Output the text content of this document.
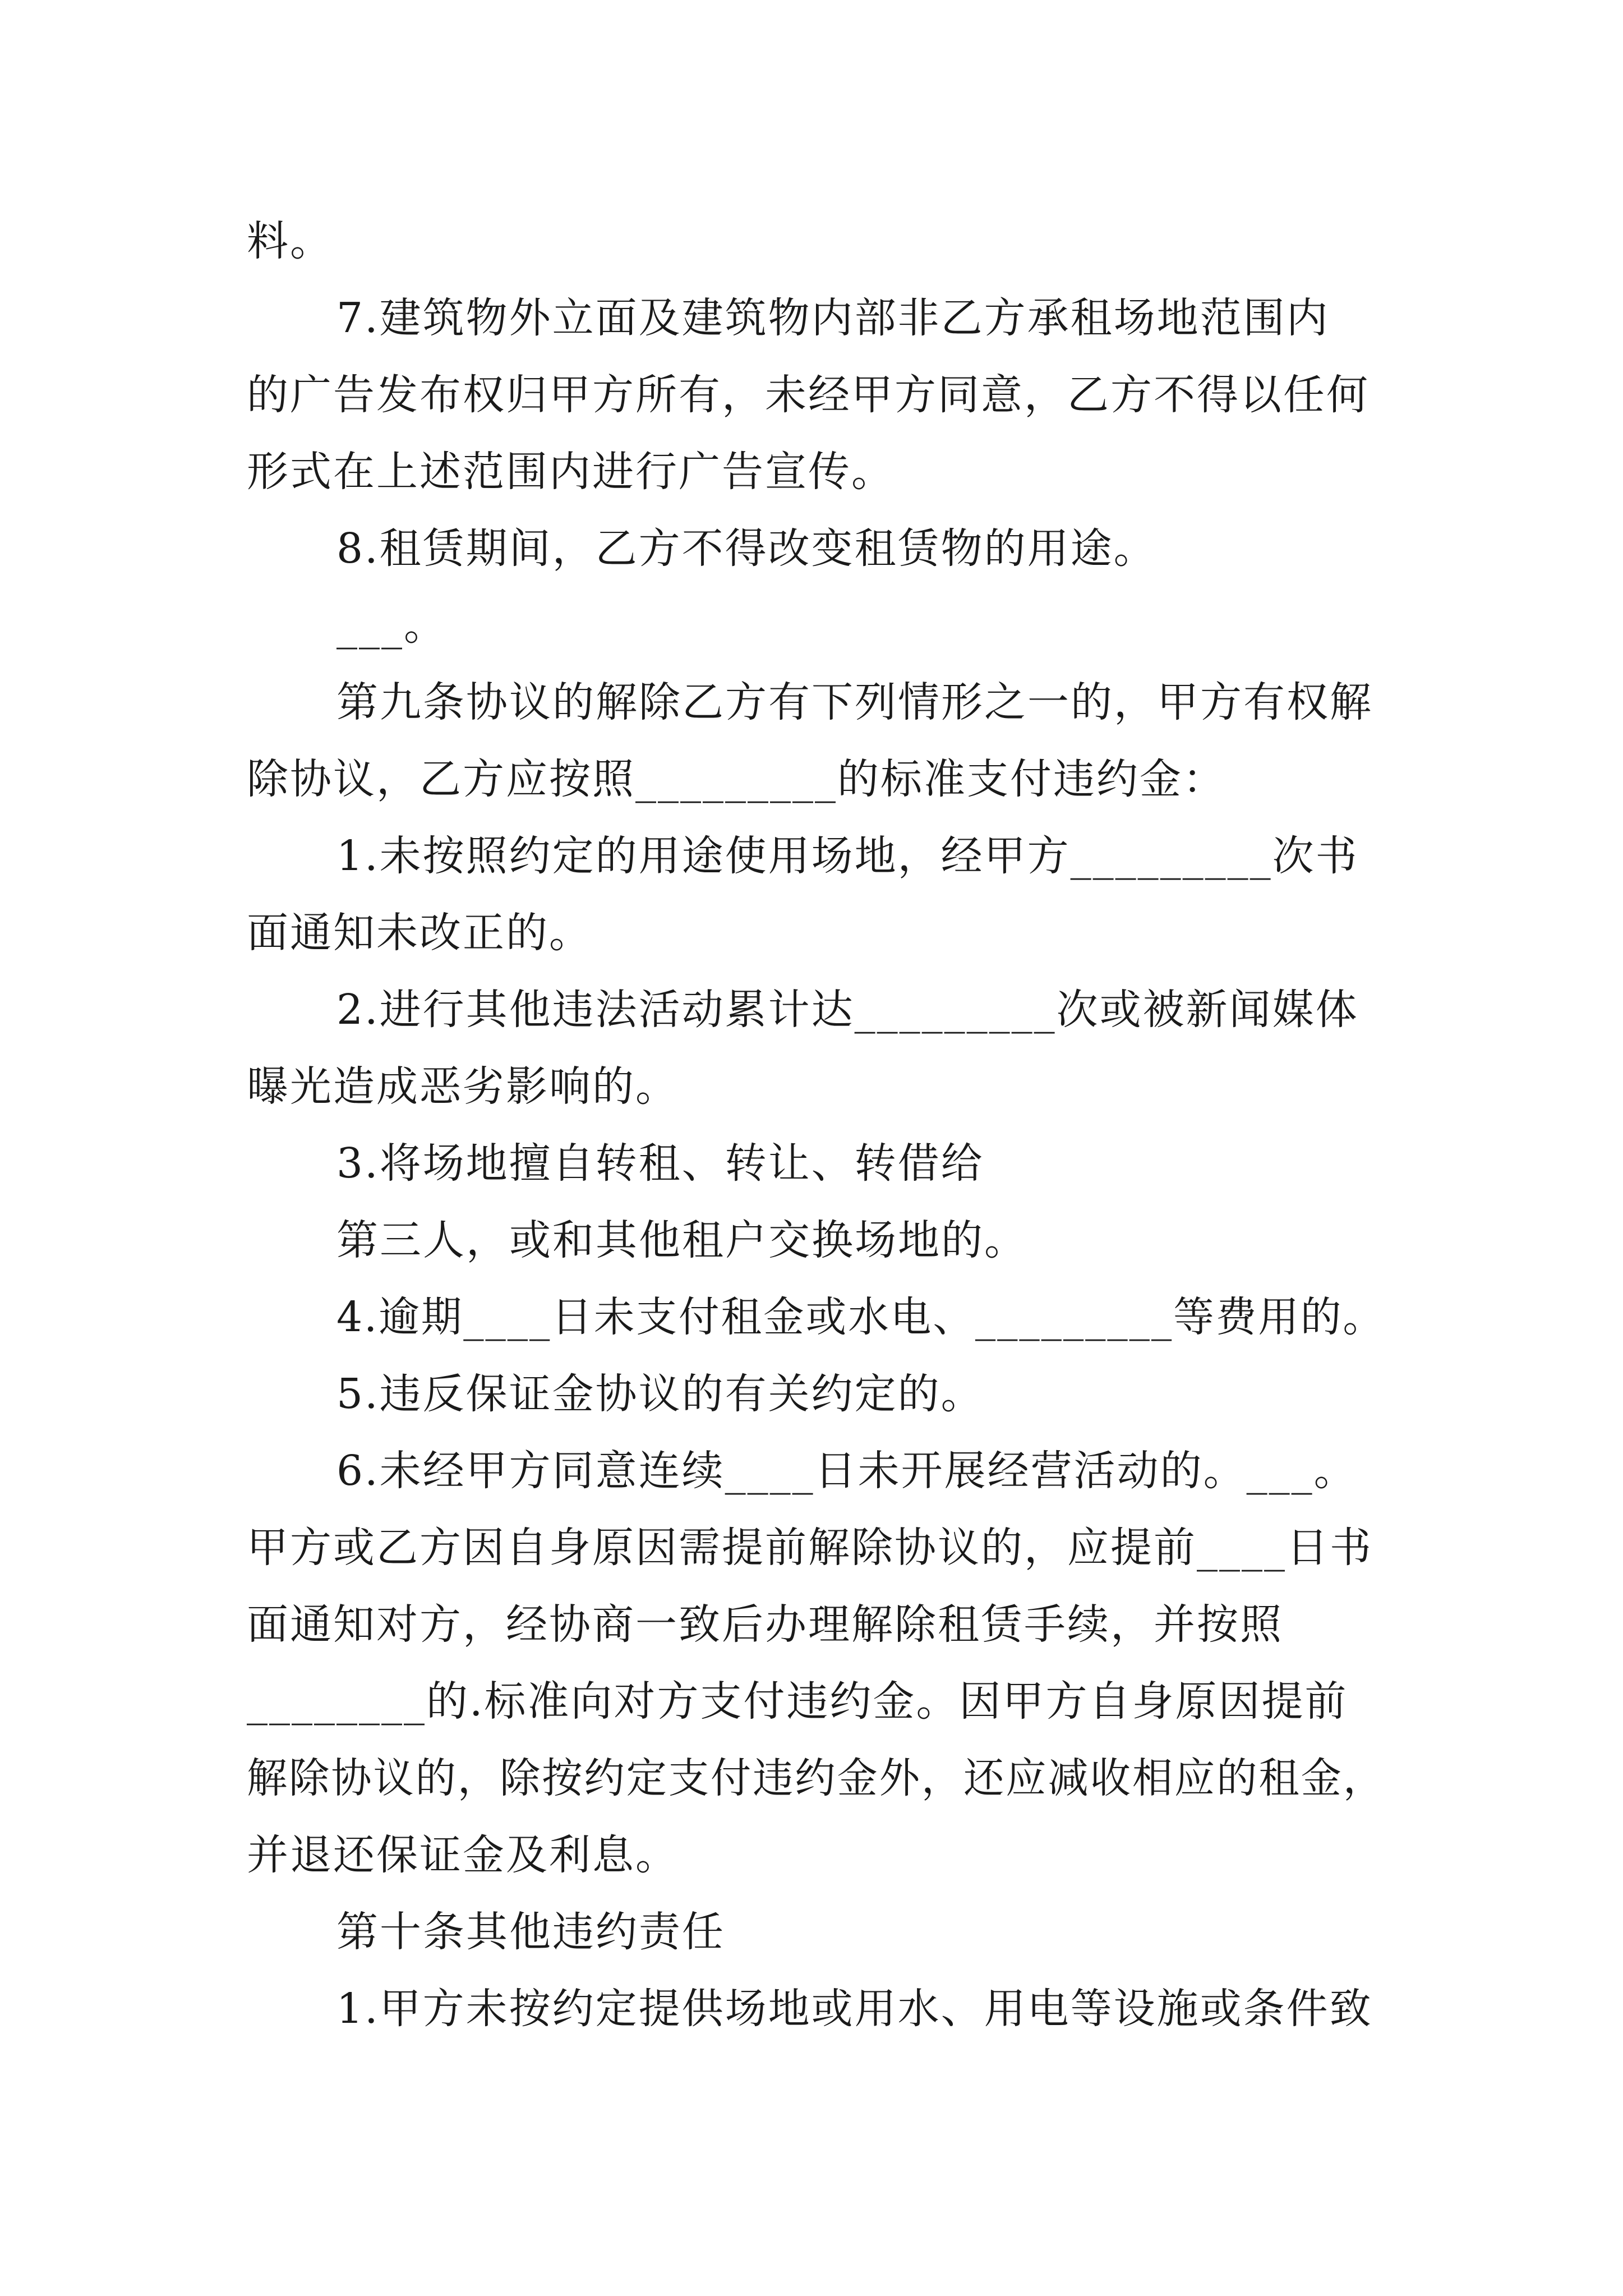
料。
7.建筑物外立面及建筑物内部非乙方承租场地范围内
的广告发布权归甲方所有，未经甲方同意，乙方不得以任何
形式在上述范围内进行广告宣传。
8.租赁期间，乙方不得改变租赁物的用途。
___。
第九条协议的解除乙方有下列情形之一的，甲方有权解
除协议，乙方应按照_________的标准支付违约金：
1.未按照约定的用途使用场地，经甲方_________次书
面通知未改正的。
2.进行其他违法活动累计达_________次或被新闻媒体
曝光造成恶劣影响的。
3.将场地擅自转租、转让、转借给
第三人，或和其他租户交换场地的。
4.逾期____日未支付租金或水电、_________等费用的。
5.违反保证金协议的有关约定的。
6.未经甲方同意连续____日未开展经营活动的。___。
甲方或乙方因自身原因需提前解除协议的，应提前____日书
面通知对方，经协商一致后办理解除租赁手续，并按照
________的.标准向对方支付违约金。因甲方自身原因提前
解除协议的，除按约定支付违约金外，还应减收相应的租金，
并退还保证金及利息。
第十条其他违约责任
1.甲方未按约定提供场地或用水、用电等设施或条件致
